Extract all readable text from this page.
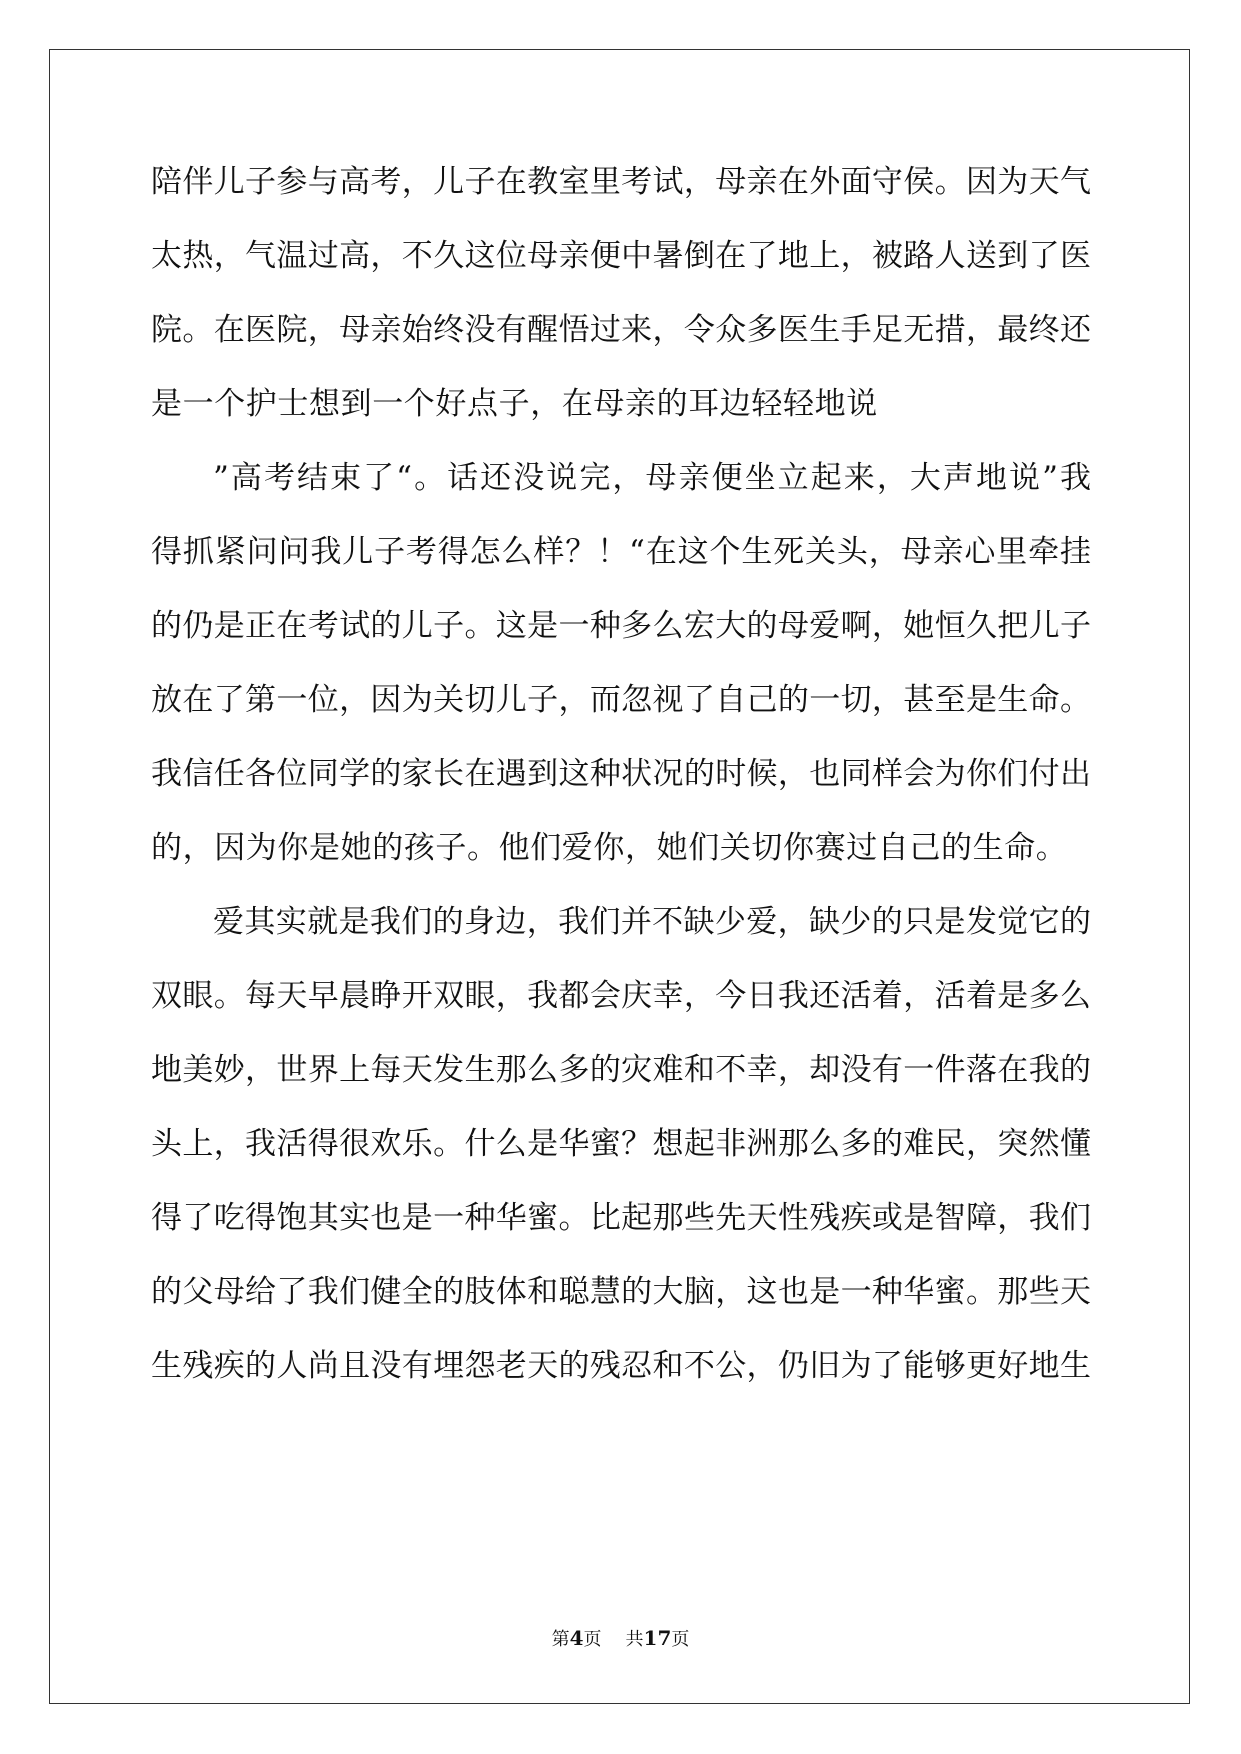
陪伴儿子参与高考，儿子在教室里考试，母亲在外面守侯。因为天气
太热，气温过高，不久这位母亲便中暑倒在了地上，被路人送到了医
院。在医院，母亲始终没有醒悟过来，令众多医生手足无措，最终还
是一个护士想到一个好点子，在母亲的耳边轻轻地说
”高考结束了“。话还没说完，母亲便坐立起来，大声地说”我
得抓紧问问我儿子考得怎么样？！“在这个生死关头，母亲心里牵挂
的仍是正在考试的儿子。这是一种多么宏大的母爱啊，她恒久把儿子
放在了第一位，因为关切儿子，而忽视了自己的一切，甚至是生命。
我信任各位同学的家长在遇到这种状况的时候，也同样会为你们付出
的，因为你是她的孩子。他们爱你，她们关切你赛过自己的生命。
爱其实就是我们的身边，我们并不缺少爱，缺少的只是发觉它的
双眼。每天早晨睁开双眼，我都会庆幸，今日我还活着，活着是多么
地美妙，世界上每天发生那么多的灾难和不幸，却没有一件落在我的
头上，我活得很欢乐。什么是华蜜？想起非洲那么多的难民，突然懂
得了吃得饱其实也是一种华蜜。比起那些先天性残疾或是智障，我们
的父母给了我们健全的肢体和聪慧的大脑，这也是一种华蜜。那些天
生残疾的人尚且没有埋怨老天的残忍和不公，仍旧为了能够更好地生
第4页 共17页
